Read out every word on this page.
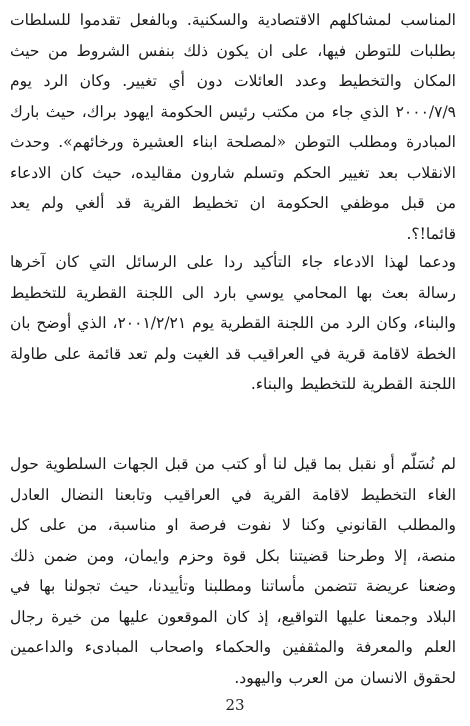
المناسب لمشاكلهم الاقتصادية والسكنية. وبالفعل تقدموا للسلطات بطلبات للتوطن فيها، على ان يكون ذلك بنفس الشروط من حيث المكان والتخطيط وعدد العائلات دون أي تغيير. وكان الرد يوم ٢٠٠٠/٧/٩ الذي جاء من مكتب رئيس الحكومة ايهود براك، حيث بارك المبادرة ومطلب التوطن «لمصلحة ابناء العشيرة ورخائهم». وحدث الانقلاب بعد تغيير الحكم وتسلم شارون مقاليده، حيث كان الادعاء من قبل موظفي الحكومة ان تخطيط القرية قد ألغي ولم يعد قائما!؟.

ودعما لهذا الادعاء جاء التأكيد ردا على الرسائل التي كان آخرها رسالة بعث بها المحامي يوسي بارد الى اللجنة القطرية للتخطيط والبناء، وكان الرد من اللجنة القطرية يوم ٢٠٠١/٢/٢١، الذي أوضح بان الخطة لاقامة قرية في العراقيب قد الغيت ولم تعد قائمة على طاولة اللجنة القطرية للتخطيط والبناء.

لم نُسَلّم أو نقبل بما قيل لنا أو كتب من قبل الجهات السلطوية حول الغاء التخطيط لاقامة القرية في العراقيب وتابعنا النضال العادل والمطلب القانوني وكنا لا نفوت فرصة او مناسبة، من على كل منصة، إلا وطرحنا قضيتنا بكل قوة وحزم وايمان، ومن ضمن ذلك وضعنا عريضة تتضمن مأساتنا ومطلبنا وتأييدنا، حيث تجولنا بها في البلاد وجمعنا عليها التواقيع، إذ كان الموقعون عليها من خيرة رجال العلم والمعرفة والمثقفين والحكماء واصحاب المبادىء والداعمين لحقوق الانسان من العرب واليهود.

23
